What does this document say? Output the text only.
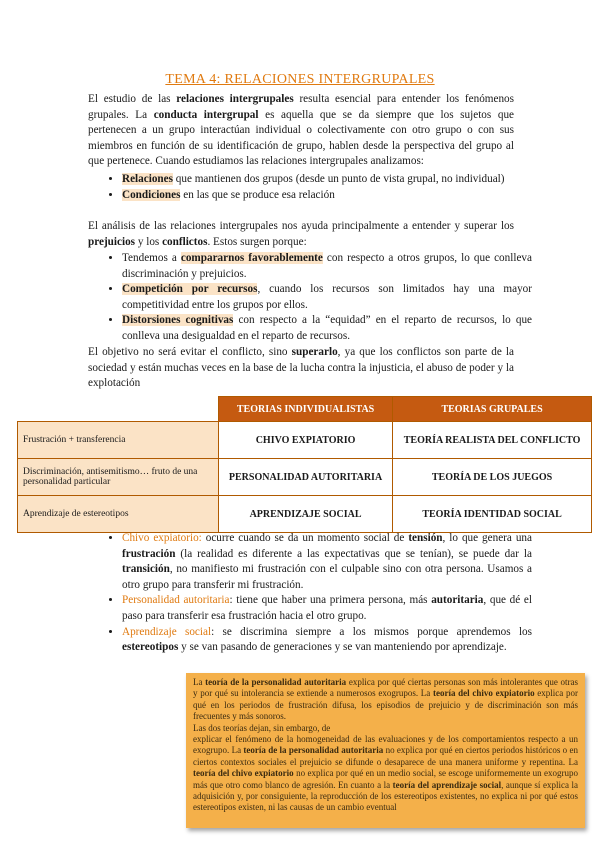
TEMA 4: RELACIONES INTERGRUPALES

El estudio de las relaciones intergrupales resulta esencial para entender los fenómenos grupales. La conducta intergrupal es aquella que se da siempre que los sujetos que pertenecen a un grupo interactúan individual o colectivamente con otro grupo o con sus miembros en función de su identificación de grupo, hablen desde la perspectiva del grupo al que pertenece. Cuando estudiamos las relaciones intergrupales analizamos:

• Relaciones que mantienen dos grupos (desde un punto de vista grupal, no individual)
• Condiciones en las que se produce esa relación

El análisis de las relaciones intergrupales nos ayuda principalmente a entender y superar los prejuicios y los conflictos. Estos surgen porque:

• Tendemos a compararnos favorablemente con respecto a otros grupos, lo que conlleva discriminación y prejuicios.
• Competición por recursos, cuando los recursos son limitados hay una mayor competitividad entre los grupos por ellos.
• Distorsiones cognitivas con respecto a la “equidad” en el reparto de recursos, lo que conlleva una desigualdad en el reparto de recursos.

El objetivo no será evitar el conflicto, sino superarlo, ya que los conflictos son parte de la sociedad y están muchas veces en la base de la lucha contra la injusticia, el abuso de poder y la explotación

	TEORIAS INDIVIDUALISTAS	TEORIAS GRUPALES
Frustración + transferencia	CHIVO EXPIATORIO	TEORÍA REALISTA DEL CONFLICTO
Discriminación, antisemitismo… fruto de una personalidad particular	PERSONALIDAD AUTORITARIA	TEORÍA DE LOS JUEGOS
Aprendizaje de estereotipos	APRENDIZAJE SOCIAL	TEORÍA IDENTIDAD SOCIAL
• Chivo expiatorio: ocurre cuando se da un momento social de tensión, lo que genera una frustración (la realidad es diferente a las expectativas que se tenían), se puede dar la transición, no manifiesto mi frustración con el culpable sino con otra persona. Usamos a otro grupo para transferir mi frustración.
• Personalidad autoritaria: tiene que haber una primera persona, más autoritaria, que dé el paso para transferir esa frustración hacia el otro grupo.
• Aprendizaje social: se discrimina siempre a los mismos porque aprendemos los estereotipos y se van pasando de generaciones y se van manteniendo por aprendizaje.
La teoría de la personalidad autoritaria explica por qué ciertas personas son más intolerantes que otras y por qué su intolerancia se extiende a numerosos exogrupos. La teoría del chivo expiatorio explica por qué en los periodos de frustración difusa, los episodios de prejuicio y de discriminación son más frecuentes y más sonoros.
Las dos teorías dejan, sin embargo, de
explicar el fenómeno de la homogeneidad de las evaluaciones y de los comportamientos respecto a un exogrupo. La teoría de la personalidad autoritaria no explica por qué en ciertos periodos históricos o en ciertos contextos sociales el prejuicio se difunde o desaparece de una manera uniforme y repentina. La teoría del chivo expiatorio no explica por qué en un medio social, se escoge uniformemente un exogrupo más que otro como blanco de agresión. En cuanto a la teoría del aprendizaje social, aunque sí explica la adquisición y, por consiguiente, la reproducción de los estereotipos existentes, no explica ni por qué estos estereotipos existen, ni las causas de un cambio eventual
